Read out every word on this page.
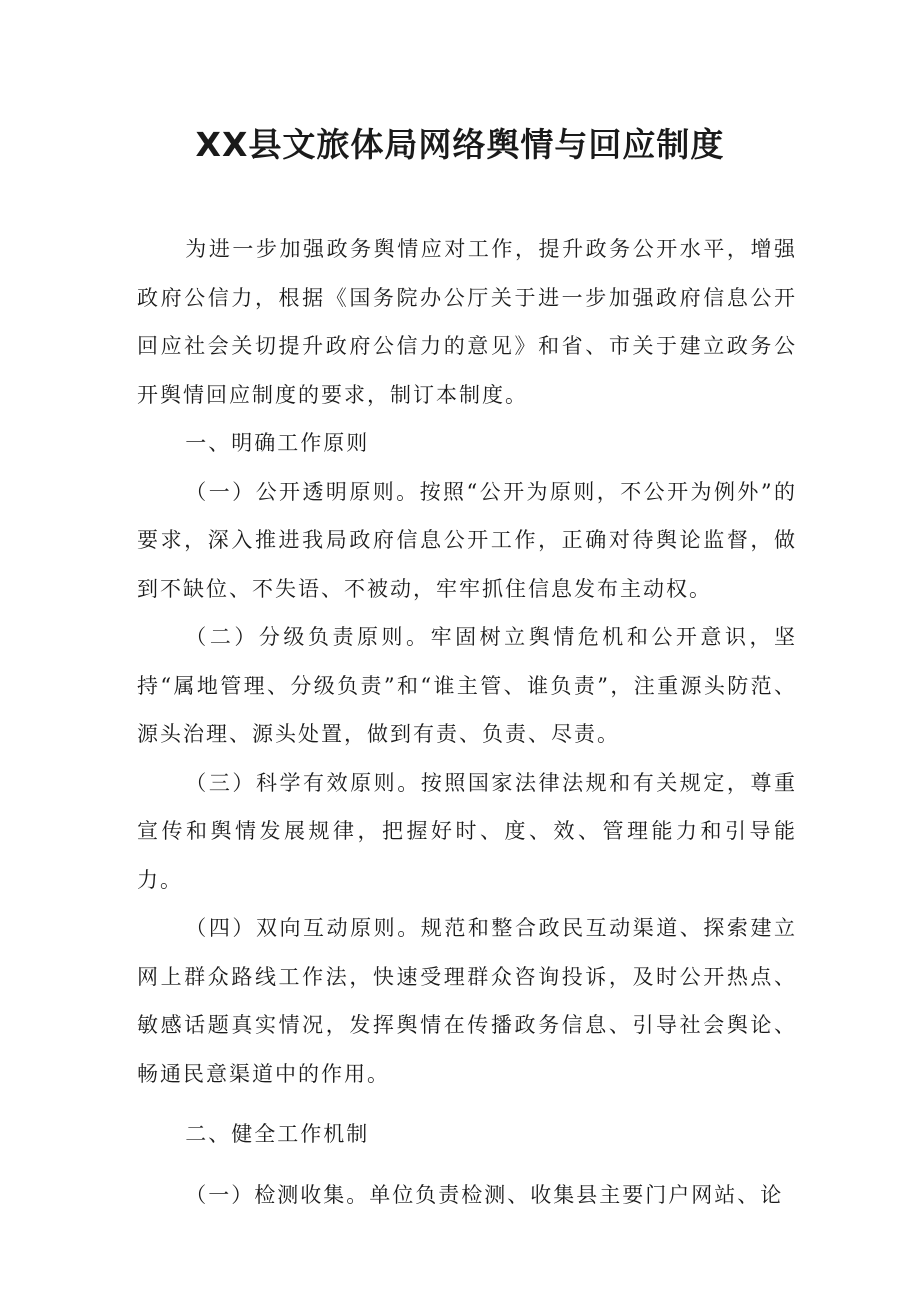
XX县文旅体局网络舆情与回应制度

为进一步加强政务舆情应对工作，提升政务公开水平，增强政府公信力，根据《国务院办公厅关于进一步加强政府信息公开回应社会关切提升政府公信力的意见》和省、市关于建立政务公开舆情回应制度的要求，制订本制度。

一、明确工作原则

（一）公开透明原则。按照“公开为原则，不公开为例外”的要求，深入推进我局政府信息公开工作，正确对待舆论监督，做到不缺位、不失语、不被动，牢牢抓住信息发布主动权。

（二）分级负责原则。牢固树立舆情危机和公开意识，坚持“属地管理、分级负责”和“谁主管、谁负责”，注重源头防范、源头治理、源头处置，做到有责、负责、尽责。

（三）科学有效原则。按照国家法律法规和有关规定，尊重宣传和舆情发展规律，把握好时、度、效、管理能力和引导能力。

（四）双向互动原则。规范和整合政民互动渠道、探索建立网上群众路线工作法，快速受理群众咨询投诉，及时公开热点、敏感话题真实情况，发挥舆情在传播政务信息、引导社会舆论、畅通民意渠道中的作用。

二、健全工作机制

（一）检测收集。单位负责检测、收集县主要门户网站、论
